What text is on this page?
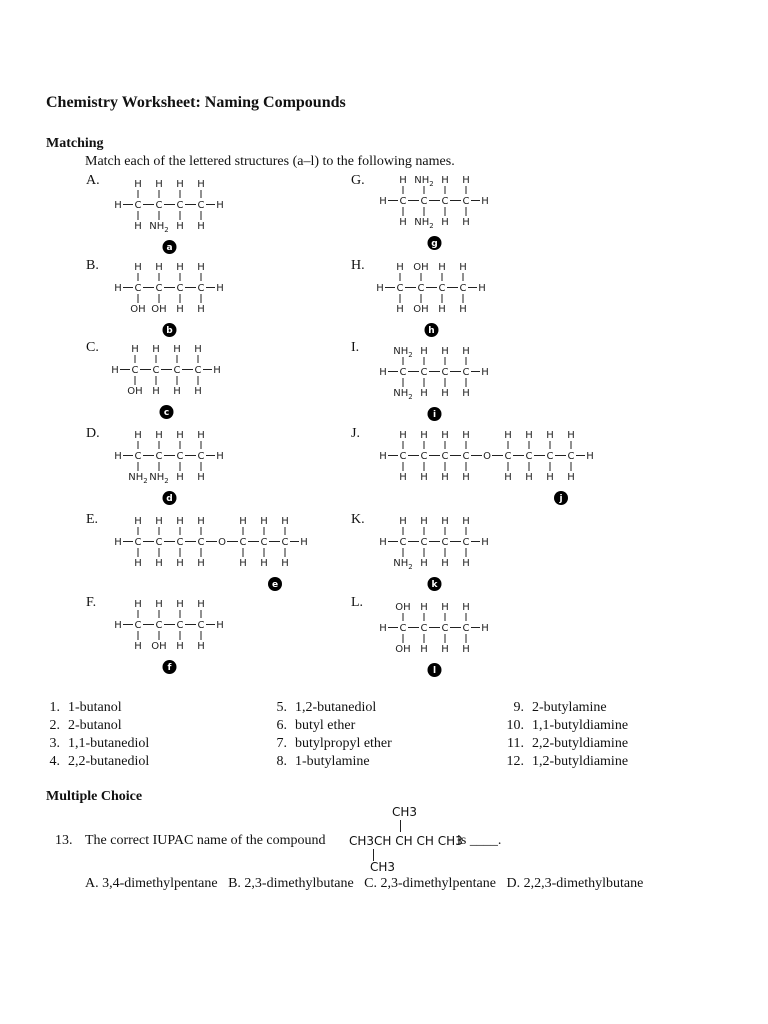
Chemistry Worksheet: Naming Compounds
Matching
Match each of the lettered structures (a–l) to the following names.
A.
B.
C.
D.
E.
F.
G.
H.
I.
J.
K.
L.
H C
H
H
C
H
$NH_2$
C
H
H
C
H
H
H
a
H C
H
OH
C
H
OH
C
H
H
C
H
H
H
b
H C
H
OH
C
H
H
C
H
H
C
H
H
H
c
H C
H
$NH_2$
C
H
$NH_2$
C
H
H
C
H
H
H
d
H C
H
H
C
H
H
C
H
H
C
H
H
O C
H
H
C
H
H
C
H
H
H
e
H C
H
H
C
H
OH
C
H
H
C
H
H
H
f
H C
H
H
C
$NH_2$
$NH_2$
C
H
H
C
H
H
H
g
H C
H
H
C
OH
OH
C
H
H
C
H
H
H
h
H C
$NH_2$
$NH_2$
C
H
H
C
H
H
C
H
H
H
i
H C
H
H
C
H
H
C
H
H
C
H
H
O C
H
H
C
H
H
C
H
H
C
H
H
H
j
H C
H
$NH_2$
C
H
H
C
H
H
C
H
H
H
k
H C
OH
OH
C
H
H
C
H
H
C
H
H
H
l
1. 1-butanol
2. 2-butanol
3. 1,1-butanediol
4. 2,2-butanediol
5. 1,2-butanediol
6. butyl ether
7. butylpropyl ether
8. 1-butylamine
9. 2-butylamine
10. 1,1-butyldiamine
11. 2,2-butyldiamine
12. 1,2-butyldiamine
Multiple Choice
13. The correct IUPAC name of the compound
CH3
CH3CH CH CH CH3
CH3
is ____.
A. 3,4-dimethylpentane   B. 2,3-dimethylbutane   C. 2,3-dimethylpentane   D. 2,2,3-dimethylbutane
